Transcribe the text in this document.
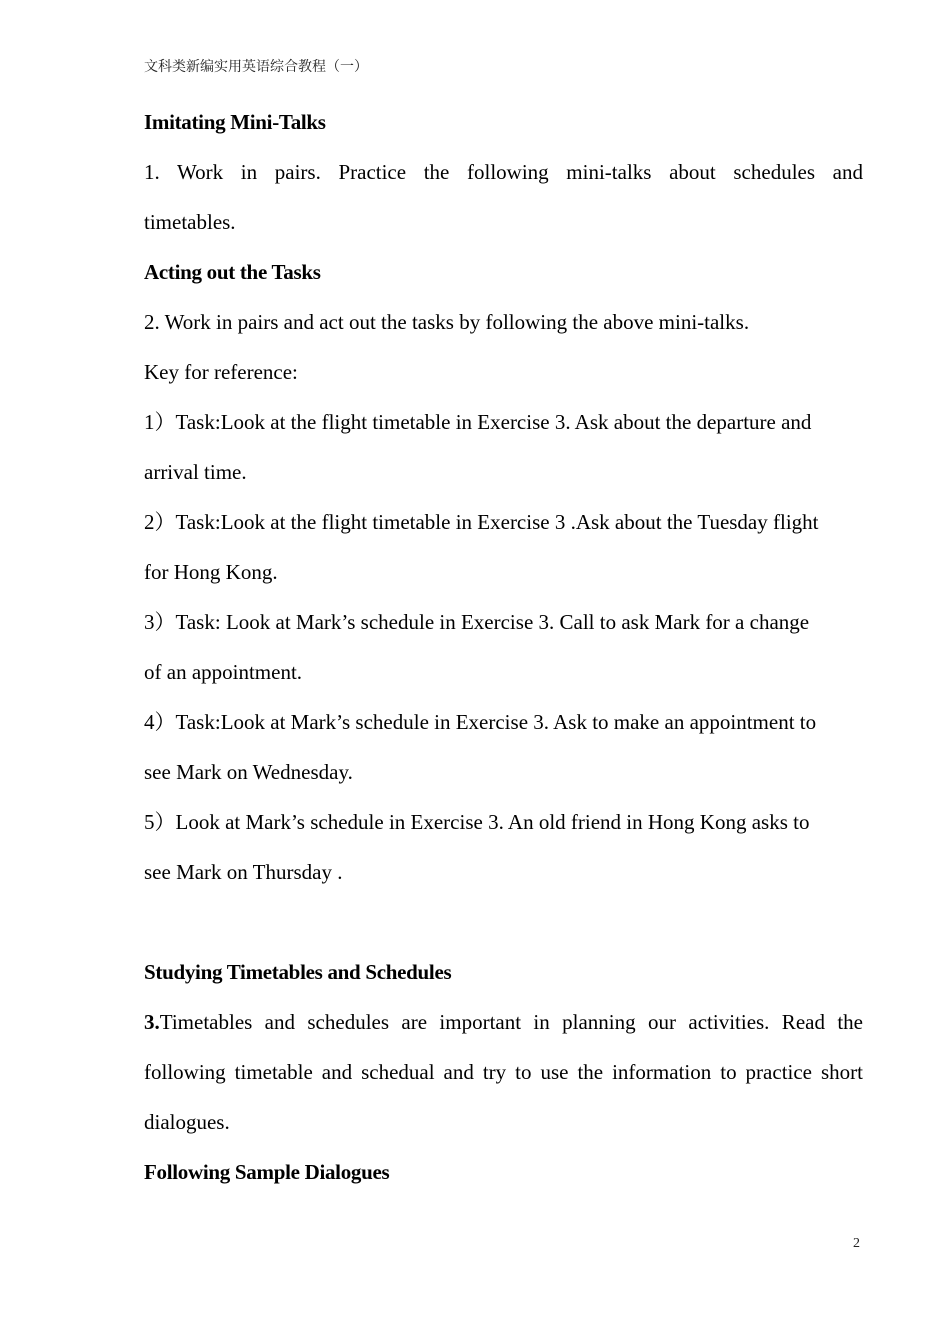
文科类新编实用英语综合教程（一）
Imitating Mini-Talks
1. Work in pairs. Practice the following mini-talks about schedules and
timetables.
Acting out the Tasks
2. Work in pairs and act out the tasks by following the above mini-talks.
Key for reference:
1）Task:Look at the flight timetable in Exercise 3. Ask about the departure and
arrival time.
2）Task:Look at the flight timetable in Exercise 3 .Ask about the Tuesday flight
for Hong Kong.
3）Task: Look at Mark’s schedule in Exercise 3. Call to ask Mark for a change
of an appointment.
4）Task:Look at Mark’s schedule in Exercise 3. Ask to make an appointment to
see Mark on Wednesday.
5）Look at Mark’s schedule in Exercise 3. An old friend in Hong Kong asks to
see Mark on Thursday .
Studying Timetables and Schedules
3.Timetables and schedules are important in planning our activities. Read the
following timetable and schedual and try to use the information to practice short
dialogues.
Following Sample Dialogues
2
